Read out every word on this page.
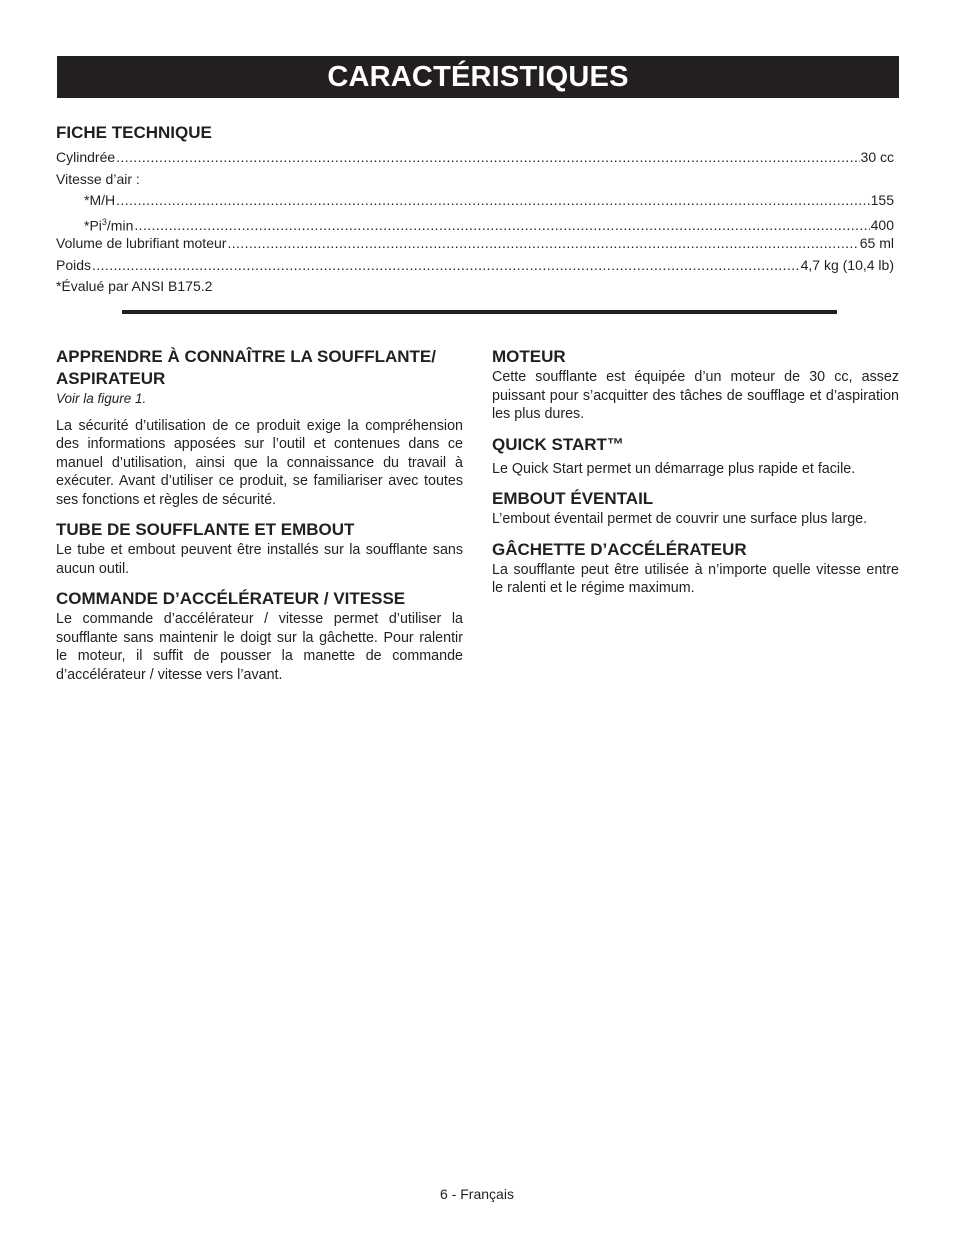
CARACTÉRISTIQUES
FICHE TECHNIQUE
Cylindrée .....	30 cc
Vitesse d’air :
*M/H .....	155
*Pi$^3$/min .....	400
Volume de lubrifiant moteur .....	65 ml
Poids .....	4,7 kg (10,4 lb)
*Évalué par ANSI B175.2
APPRENDRE À CONNAÎTRE LA SOUFFLANTE/ ASPIRATEUR

Voir la figure 1.

La sécurité d’utilisation de ce produit exige la compréhension des informations apposées sur l’outil et contenues dans ce manuel d’utilisation, ainsi que la connaissance du travail à exécuter. Avant d’utiliser ce produit, se familiariser avec toutes ses fonctions et règles de sécurité.

TUBE DE SOUFFLANTE ET EMBOUT

Le tube et embout peuvent être installés sur la soufflante sans aucun outil.

COMMANDE D’ACCÉLÉRATEUR / VITESSE

Le commande d’accélérateur / vitesse permet d’utiliser la soufflante sans maintenir le doigt sur la gâchette. Pour ralentir le moteur, il suffit de pousser la manette de commande d’accélérateur / vitesse vers l’avant.

MOTEUR

Cette soufflante est équipée d’un moteur de 30 cc, assez puissant pour s’acquitter des tâches de soufflage et d’aspiration les plus dures.

QUICK START™

Le Quick Start permet un démarrage plus rapide et facile.

EMBOUT ÉVENTAIL

L’embout éventail permet de couvrir une surface plus large.

GÂCHETTE D’ACCÉLÉRATEUR

La soufflante peut être utilisée à n’importe quelle vitesse entre le ralenti et le régime maximum.

6 - Français
